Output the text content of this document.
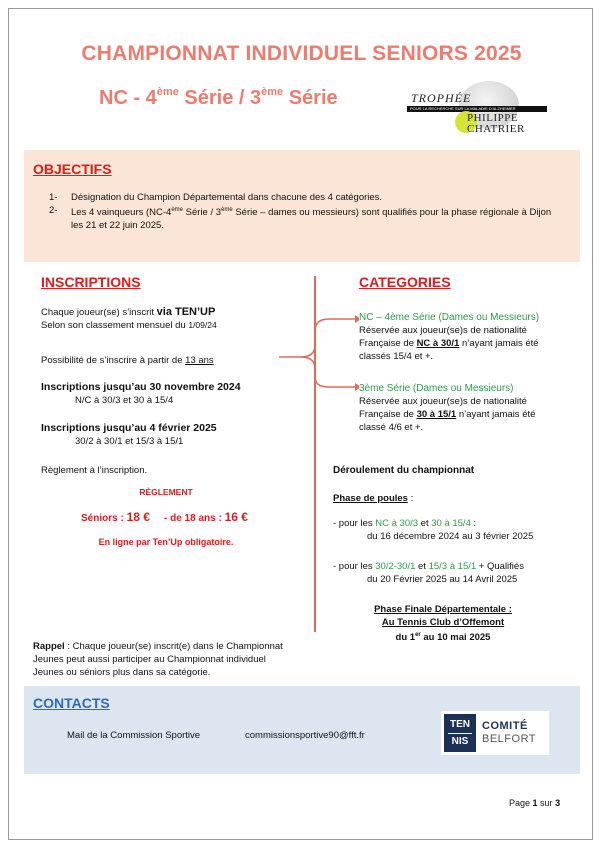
CHAMPIONNAT INDIVIDUEL SENIORS 2025
NC - 4ème Série / 3ème Série	TROPHÉE
POUR LA RECHERCHE SUR LA MALADIE D'ALZHEIMER
PHILIPPE
CHATRIER
OBJECTIFS
1- Désignation du Champion Départemental dans chacune des 4 catégories.
2- Les 4 vainqueurs (NC-4ème Série / 3ème Série – dames ou messieurs) sont qualifiés pour la phase régionale à Dijon
les 21 et 22 juin 2025.
INSCRIPTIONS
Chaque joueur(se) s’inscrit via TEN’UP
Selon son classement mensuel du 1/09/24
Possibilité de s’inscrire à partir de 13 ans
Inscriptions jusqu’au 30 novembre 2024
N/C à 30/3 et 30 à 15/4
Inscriptions jusqu’au 4 février 2025
30/2 à 30/1 et 15/3 à 15/1
Règlement à l’inscription.
RÈGLEMENT
Séniors : 18 € - de 18 ans : 16 €
En ligne par Ten’Up obligatoire.
Rappel : Chaque joueur(se) inscrit(e) dans le Championnat
Jeunes peut aussi participer au Championnat individuel
Jeunes ou séniors plus dans sa catégorie.
CATEGORIES
NC – 4ème Série (Dames ou Messieurs)
Réservée aux joueur(se)s de nationalité
Française de NC à 30/1 n’ayant jamais été
classés 15/4 et +.
3ème Série (Dames ou Messieurs)
Réservée aux joueur(se)s de nationalité
Française de 30 à 15/1 n’ayant jamais été
classé 4/6 et +.
Déroulement du championnat
Phase de poules :
- pour les NC à 30/3 et 30 à 15/4 :
du 16 décembre 2024 au 3 février 2025
- pour les 30/2-30/1 et 15/3 à 15/1 + Qualifiés
du 20 Février 2025 au 14 Avril 2025
Phase Finale Départementale :
Au Tennis Club d’Offemont
du 1er au 10 mai 2025
CONTACTS
Mail de la Commission Sportive	commissionsportive90@fft.fr
TEN
NIS
COMITÉ
BELFORT
Page 1 sur 3
